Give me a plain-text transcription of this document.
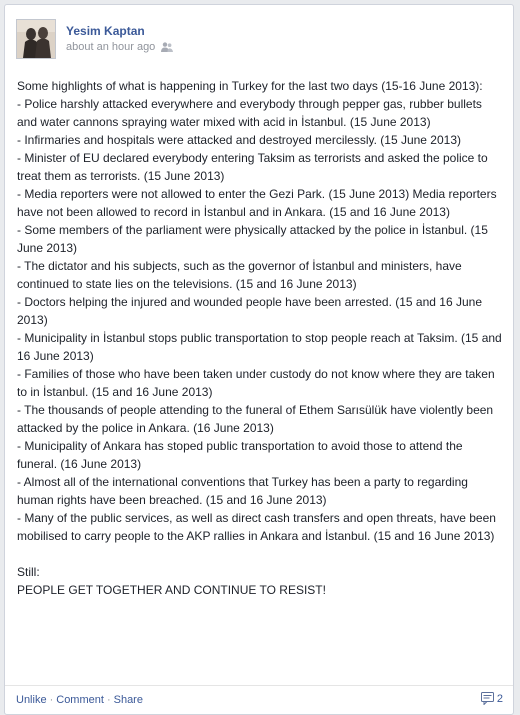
Yesim Kaptan
about an hour ago

Some highlights of what is happening in Turkey for the last two days (15-16 June 2013):
- Police harshly attacked everywhere and everybody through pepper gas, rubber bullets and water cannons spraying water mixed with acid in İstanbul. (15 June 2013)
- Infirmaries and hospitals were attacked and destroyed mercilessly. (15 June 2013)
- Minister of EU declared everybody entering Taksim as terrorists and asked the police to treat them as terrorists. (15 June 2013)
- Media reporters were not allowed to enter the Gezi Park. (15 June 2013) Media reporters have not been allowed to record in İstanbul and in Ankara. (15 and 16 June 2013)
- Some members of the parliament were physically attacked by the police in İstanbul. (15 June 2013)
- The dictator and his subjects, such as the governor of İstanbul and ministers, have continued to state lies on the televisions. (15 and 16 June 2013)
- Doctors helping the injured and wounded people have been arrested. (15 and 16 June 2013)
- Municipality in İstanbul stops public transportation to stop people reach at Taksim. (15 and 16 June 2013)
- Families of those who have been taken under custody do not know where they are taken to in İstanbul. (15 and 16 June 2013)
- The thousands of people attending to the funeral of Ethem Sarısülük have violently been attacked by the police in Ankara. (16 June 2013)
- Municipality of Ankara has stoped public transportation to avoid those to attend the funeral. (16 June 2013)
- Almost all of the international conventions that Turkey has been a party to regarding human rights have been breached. (15 and 16 June 2013)
- Many of the public services, as well as direct cash transfers and open threats, have been mobilised to carry people to the AKP rallies in Ankara and İstanbul. (15 and 16 June 2013)

Still:
PEOPLE GET TOGETHER AND CONTINUE TO RESIST!

Unlike · Comment · Share	2
